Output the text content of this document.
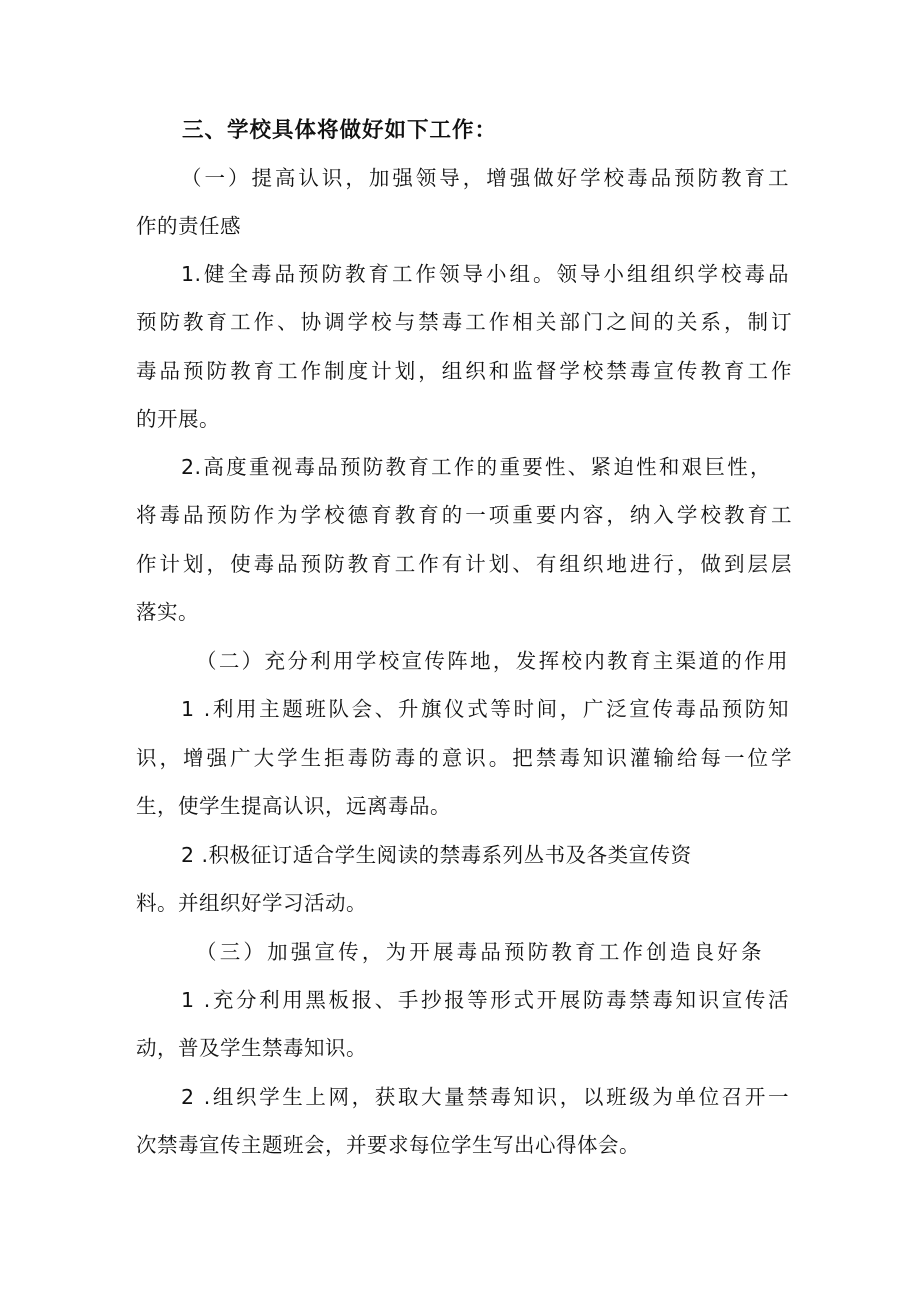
三、学校具体将做好如下工作：
（一）提高认识，加强领导，增强做好学校毒品预防教育工
作的责任感
1.健全毒品预防教育工作领导小组。领导小组组织学校毒品
预防教育工作、协调学校与禁毒工作相关部门之间的关系，制订
毒品预防教育工作制度计划，组织和监督学校禁毒宣传教育工作
的开展。
2.高度重视毒品预防教育工作的重要性、紧迫性和艰巨性，
将毒品预防作为学校德育教育的一项重要内容，纳入学校教育工
作计划，使毒品预防教育工作有计划、有组织地进行，做到层层
落实。
（二）充分利用学校宣传阵地，发挥校内教育主渠道的作用
1 .利用主题班队会、升旗仪式等时间，广泛宣传毒品预防知
识，增强广大学生拒毒防毒的意识。把禁毒知识灌输给每一位学
生，使学生提高认识，远离毒品。
2 .积极征订适合学生阅读的禁毒系列丛书及各类宣传资
料。并组织好学习活动。
（三）加强宣传，为开展毒品预防教育工作创造良好条
1 .充分利用黑板报、手抄报等形式开展防毒禁毒知识宣传活
动，普及学生禁毒知识。
2 .组织学生上网，获取大量禁毒知识，以班级为单位召开一
次禁毒宣传主题班会，并要求每位学生写出心得体会。
